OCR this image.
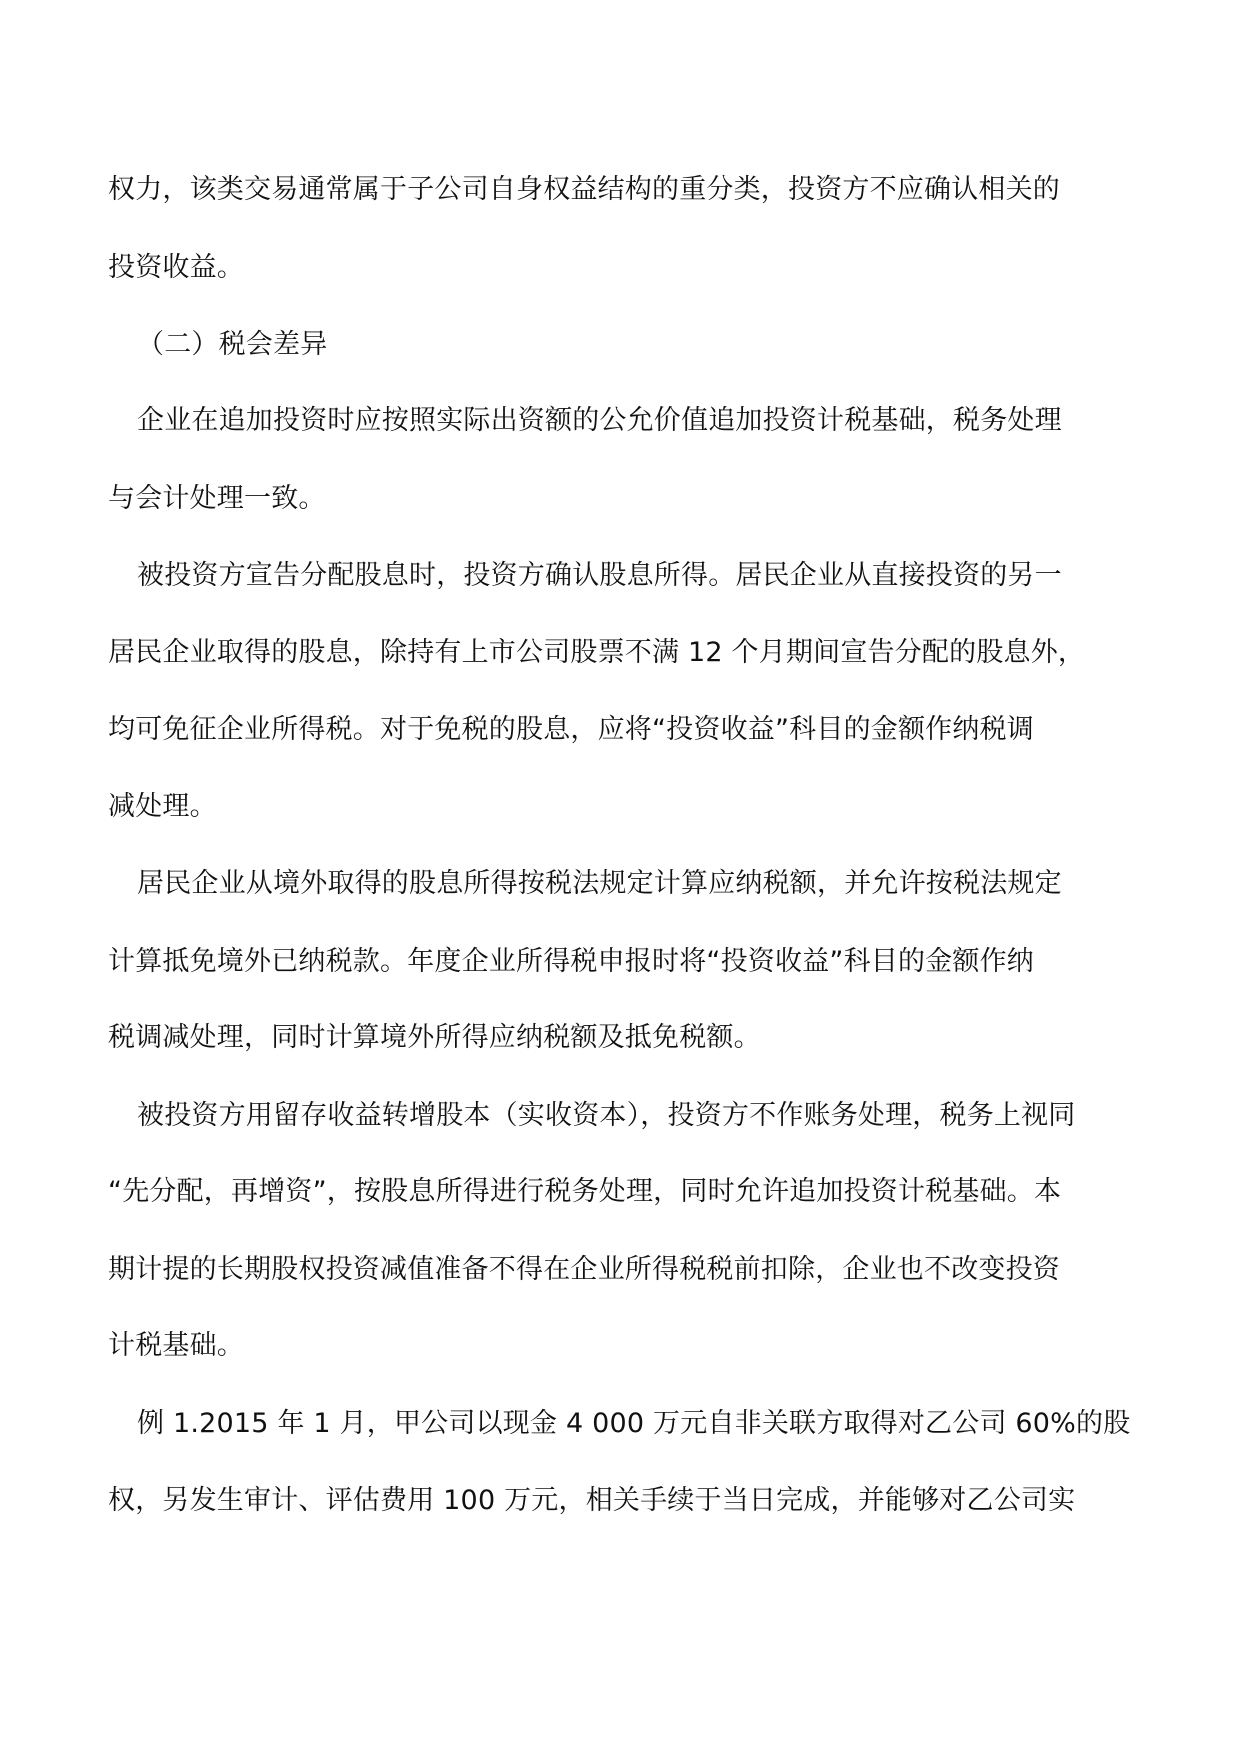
权力，该类交易通常属于子公司自身权益结构的重分类，投资方不应确认相关的
投资收益。
（二）税会差异
企业在追加投资时应按照实际出资额的公允价值追加投资计税基础，税务处理
与会计处理一致。
被投资方宣告分配股息时，投资方确认股息所得。居民企业从直接投资的另一
居民企业取得的股息，除持有上市公司股票不满 12 个月期间宣告分配的股息外，
均可免征企业所得税。对于免税的股息，应将“投资收益”科目的金额作纳税调
减处理。
居民企业从境外取得的股息所得按税法规定计算应纳税额，并允许按税法规定
计算抵免境外已纳税款。年度企业所得税申报时将“投资收益”科目的金额作纳
税调减处理，同时计算境外所得应纳税额及抵免税额。
被投资方用留存收益转增股本（实收资本），投资方不作账务处理，税务上视同
“先分配，再增资”，按股息所得进行税务处理，同时允许追加投资计税基础。本
期计提的长期股权投资减值准备不得在企业所得税税前扣除，企业也不改变投资
计税基础。
例 1.2015 年 1 月，甲公司以现金 4 000 万元自非关联方取得对乙公司 60%的股
权，另发生审计、评估费用 100 万元，相关手续于当日完成，并能够对乙公司实
